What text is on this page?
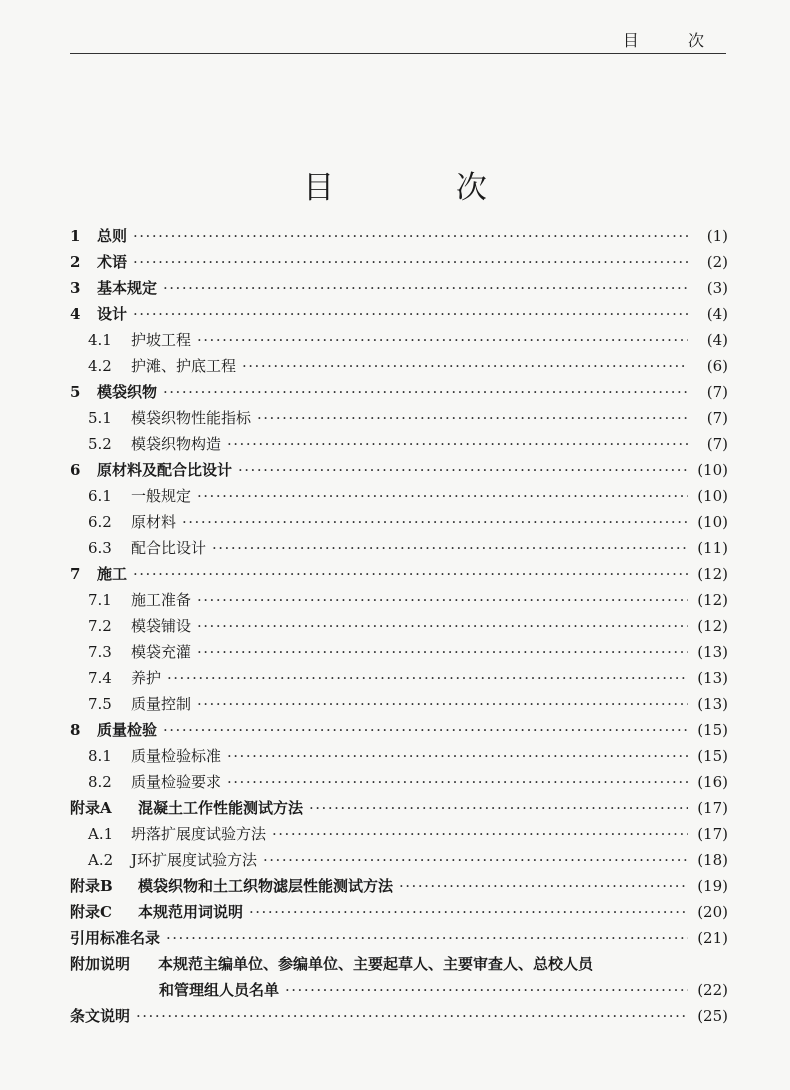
目 次
目 次
1	总则 ·····	(1)
2	术语 ·····	(2)
3	基本规定 ·····	(3)
4	设计 ·····	(4)
4.1	护坡工程 ·····	(4)
4.2	护滩、护底工程 ·····	(6)
5	模袋织物 ·····	(7)
5.1	模袋织物性能指标 ·····	(7)
5.2	模袋织物构造 ·····	(7)
6	原材料及配合比设计 ·····	(10)
6.1	一般规定 ·····	(10)
6.2	原材料 ·····	(10)
6.3	配合比设计 ·····	(11)
7	施工 ·····	(12)
7.1	施工准备 ·····	(12)
7.2	模袋铺设 ·····	(12)
7.3	模袋充灌 ·····	(13)
7.4	养护 ·····	(13)
7.5	质量控制 ·····	(13)
8	质量检验 ·····	(15)
8.1	质量检验标准 ·····	(15)
8.2	质量检验要求 ·····	(16)
附录A	混凝土工作性能测试方法 ·····	(17)
A.1	坍落扩展度试验方法 ·····	(17)
A.2	J环扩展度试验方法 ·····	(18)
附录B	模袋织物和土工织物滤层性能测试方法 ·····	(19)
附录C	本规范用词说明 ·····	(20)
引用标准名录 ·····	(21)
附加说明	本规范主编单位、参编单位、主要起草人、主要审查人、总校人员
和管理组人员名单 ·····	(22)
条文说明 ·····	(25)
